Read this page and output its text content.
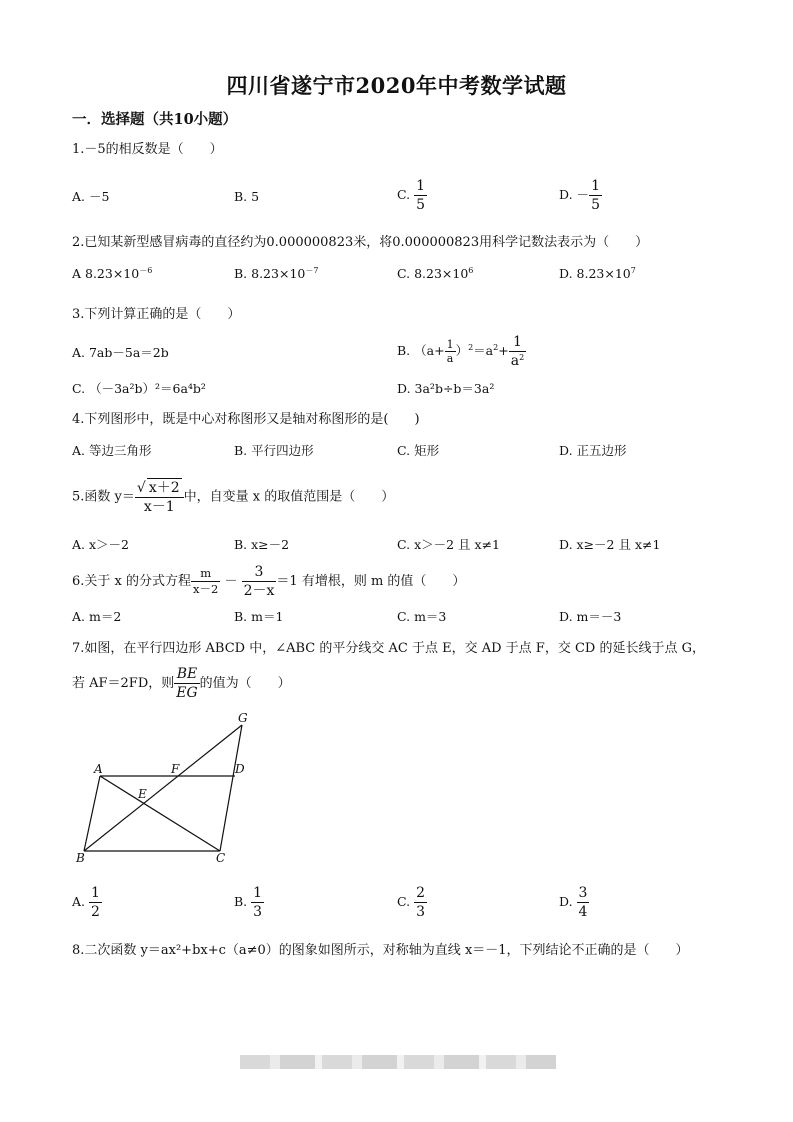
四川省遂宁市2020年中考数学试题
一．选择题（共10小题）
1.－5的相反数是（　　）
A. －5	B. 5	C. $\frac{1}{5}$	D. － $\frac{1}{5}$
2.已知某新型感冒病毒的直径约为0.000000823米，将0.000000823用科学记数法表示为（　　）
A $8.23\times 10^{-6}$	B. $8.23\times 10^{-7}$	C. $8.23\times 10^6$	D. $8.23\times 10^7$
3.下列计算正确的是（　　）
A. 7ab－5a＝2b	B. $(a+ \frac{1}{a} )^2=a^2+ \frac{1}{a^2}$
C. （－3a²b）²＝6a⁴b²	D. 3a²b÷b＝3a²
4.下列图形中，既是中心对称图形又是轴对称图形的是(　　)
A. 等边三角形	B. 平行四边形	C. 矩形	D. 正五边形
5.函数 $y= \frac{√ x+2}{x-1}$ 中，自变量 x 的取值范围是（　　）
A. x＞－2	B. x≥－2	C. x＞－2 且 x≠1	D. x≥－2 且 x≠1
6.关于 x 的分式方程 $\frac{m}{x-2} - \frac{3}{2-x} =1$ 有增根，则 m 的值（　　）
A. m＝2	B. m＝1	C. m＝3	D. m＝－3
7.如图，在平行四边形 ABCD 中，∠ABC 的平分线交 AC 于点 E，交 AD 于点 F，交 CD 的延长线于点 G，
若 AF＝2FD，则 $\frac{BE}{EG}$ 的值为（　　）
G
A	F	D
E
B	C
A. $\frac{1}{2}$	B. $\frac{1}{3}$	C. $\frac{2}{3}$	D. $\frac{3}{4}$
8.二次函数 y＝ax²+bx+c（a≠0）的图象如图所示，对称轴为直线 x＝－1，下列结论不正确的是（　　）
